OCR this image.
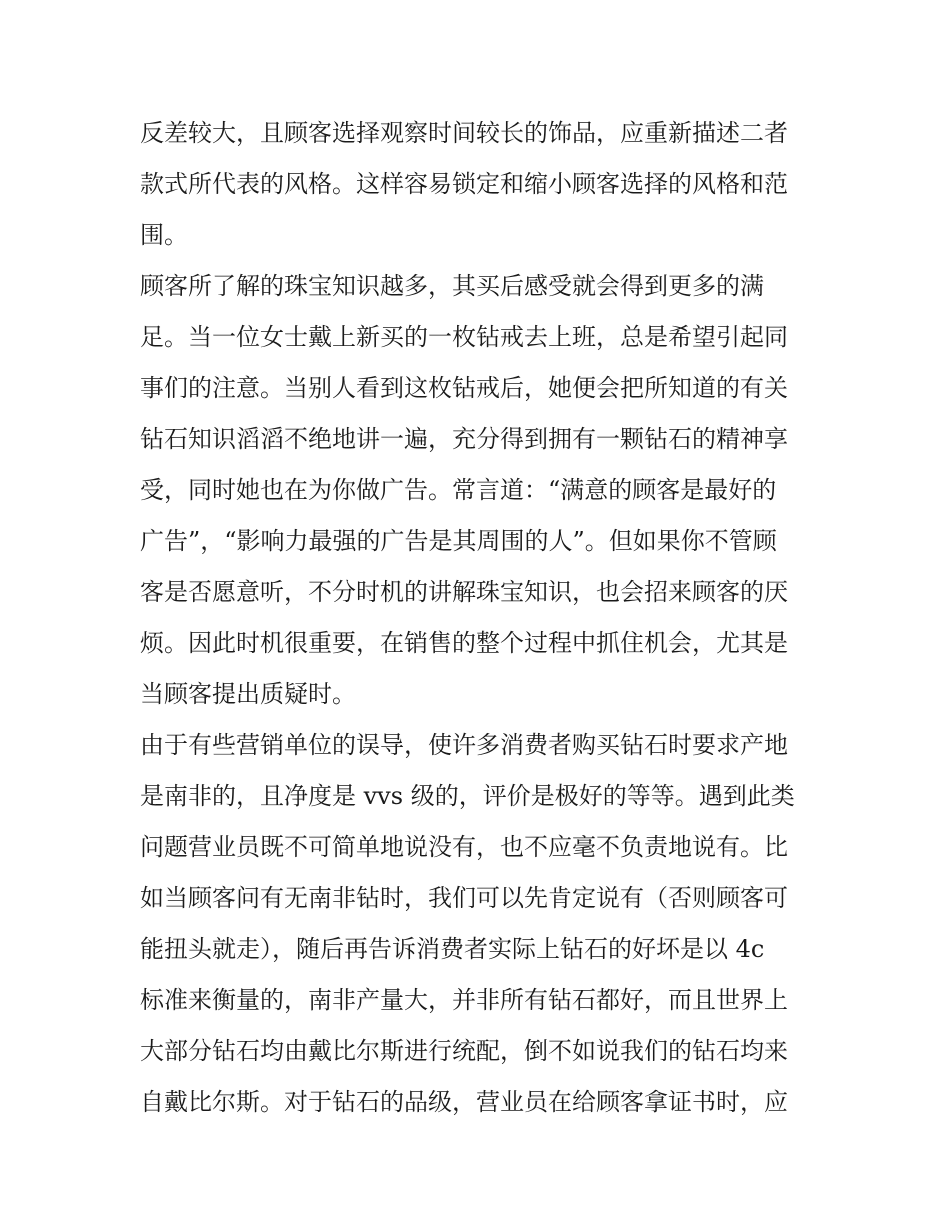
反差较大，且顾客选择观察时间较长的饰品，应重新描述二者
款式所代表的风格。这样容易锁定和缩小顾客选择的风格和范
围。
顾客所了解的珠宝知识越多，其买后感受就会得到更多的满
足。当一位女士戴上新买的一枚钻戒去上班，总是希望引起同
事们的注意。当别人看到这枚钻戒后，她便会把所知道的有关
钻石知识滔滔不绝地讲一遍，充分得到拥有一颗钻石的精神享
受，同时她也在为你做广告。常言道：“满意的顾客是最好的
广告”，“影响力最强的广告是其周围的人”。但如果你不管顾
客是否愿意听，不分时机的讲解珠宝知识，也会招来顾客的厌
烦。因此时机很重要，在销售的整个过程中抓住机会，尤其是
当顾客提出质疑时。
由于有些营销单位的误导，使许多消费者购买钻石时要求产地
是南非的，且净度是 vvs 级的，评价是极好的等等。遇到此类
问题营业员既不可简单地说没有，也不应毫不负责地说有。比
如当顾客问有无南非钻时，我们可以先肯定说有（否则顾客可
能扭头就走），随后再告诉消费者实际上钻石的好坏是以 4c
标准来衡量的，南非产量大，并非所有钻石都好，而且世界上
大部分钻石均由戴比尔斯进行统配，倒不如说我们的钻石均来
自戴比尔斯。对于钻石的品级，营业员在给顾客拿证书时，应
